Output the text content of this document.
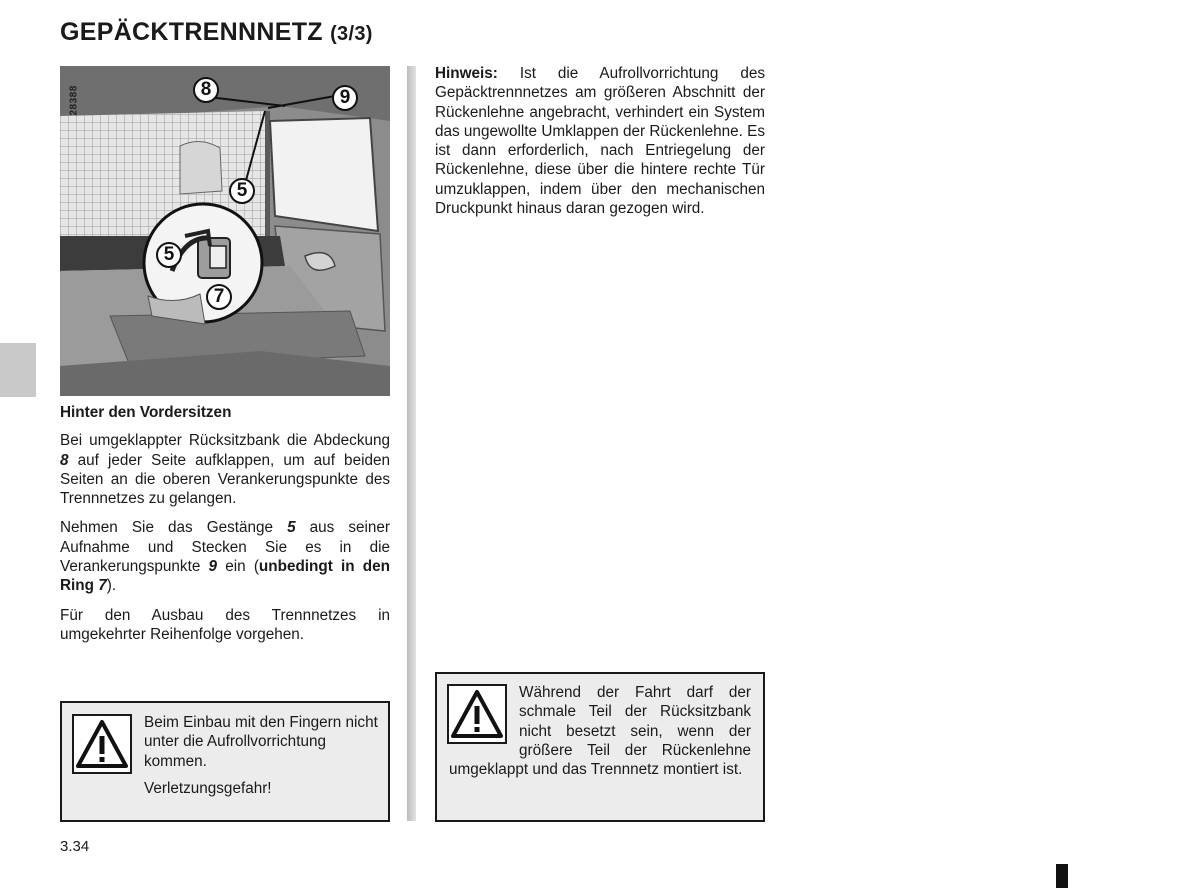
GEPÄCKTRENNNETZ (3/3)
28388	8	9
5
5
7

Hinter den Vordersitzen

Bei umgeklappter Rücksitzbank die Abdeckung 8 auf jeder Seite aufklappen, um auf beiden Seiten an die oberen Verankerungspunkte des Trennnetzes zu gelangen.

Nehmen Sie das Gestänge 5 aus seiner Aufnahme und Stecken Sie es in die Verankerungspunkte 9 ein (unbedingt in den Ring 7).

Für den Ausbau des Trennnetzes in umgekehrter Reihenfolge vorgehen.

Hinweis: Ist die Aufrollvorrichtung des Gepäcktrennnetzes am größeren Abschnitt der Rückenlehne angebracht, verhindert ein System das ungewollte Umklappen der Rückenlehne. Es ist dann erforderlich, nach Entriegelung der Rückenlehne, diese über die hintere rechte Tür umzuklappen, indem über den mechanischen Druckpunkt hinaus daran gezogen wird.

Beim Einbau mit den Fingern nicht unter die Aufrollvorrichtung kommen.

Verletzungsgefahr!

Während der Fahrt darf der schmale Teil der Rücksitzbank nicht besetzt sein, wenn der größere Teil der Rückenlehne umgeklappt und das Trennnetz montiert ist.
3.34
